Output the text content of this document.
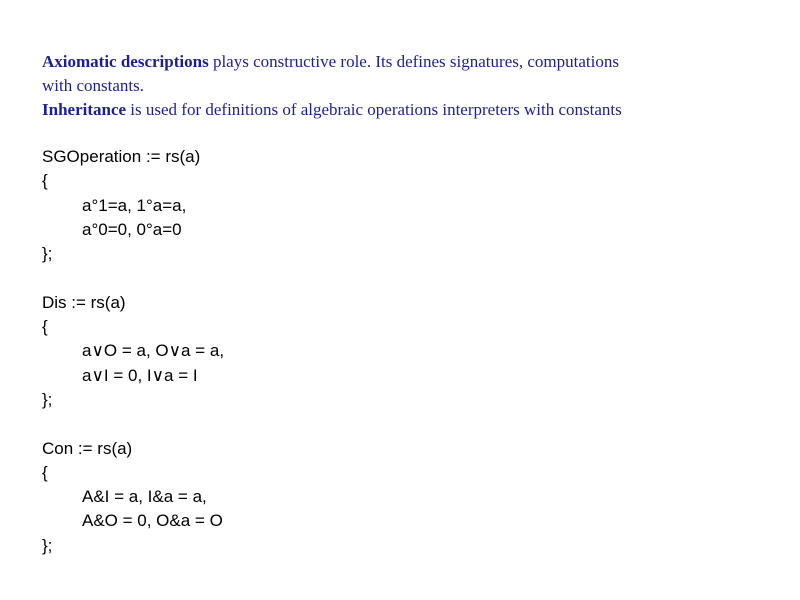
Axiomatic descriptions plays constructive role. Its defines signatures, computations
with constants.
Inheritance is used for definitions of algebraic operations interpreters with constants
SGOperation := rs(a)
{
a°1=a, 1°a=a,
a°0=0, 0°a=0
};
Dis := rs(a)
{
a∨O = a, O∨a = a,
a∨I = 0, I∨a = I
};
Con := rs(a)
{
A&I = a, I&a = a,
A&O = 0, O&a = O
};
